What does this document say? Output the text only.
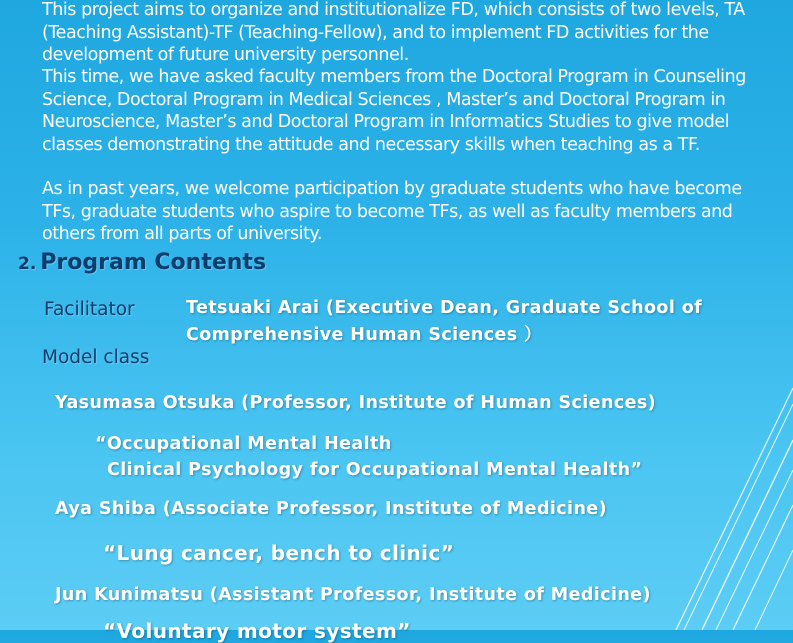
This project aims to organize and institutionalize FD, which consists of two levels, TA (Teaching Assistant)-TF (Teaching-Fellow), and to implement FD activities for the development of future university personnel.

This time, we have asked faculty members from the Doctoral Program in Counseling Science, Doctoral Program in Medical Sciences , Master’s and Doctoral Program in Neuroscience, Master’s and Doctoral Program in Informatics Studies to give model classes demonstrating the attitude and necessary skills when teaching as a TF.

As in past years, we welcome participation by graduate students who have become TFs, graduate students who aspire to become TFs, as well as faculty members and others from all parts of university.

2. Program Contents
Facilitator	Tetsuaki Arai (Executive Dean, Graduate School of
Comprehensive Human Sciences ）
Model class
Yasumasa Otsuka (Professor, Institute of Human Sciences)
“Occupational Mental Health
Clinical Psychology for Occupational Mental Health”
Aya Shiba (Associate Professor, Institute of Medicine)
“Lung cancer, bench to clinic”
Jun Kunimatsu (Assistant Professor, Institute of Medicine)
“Voluntary motor system”
